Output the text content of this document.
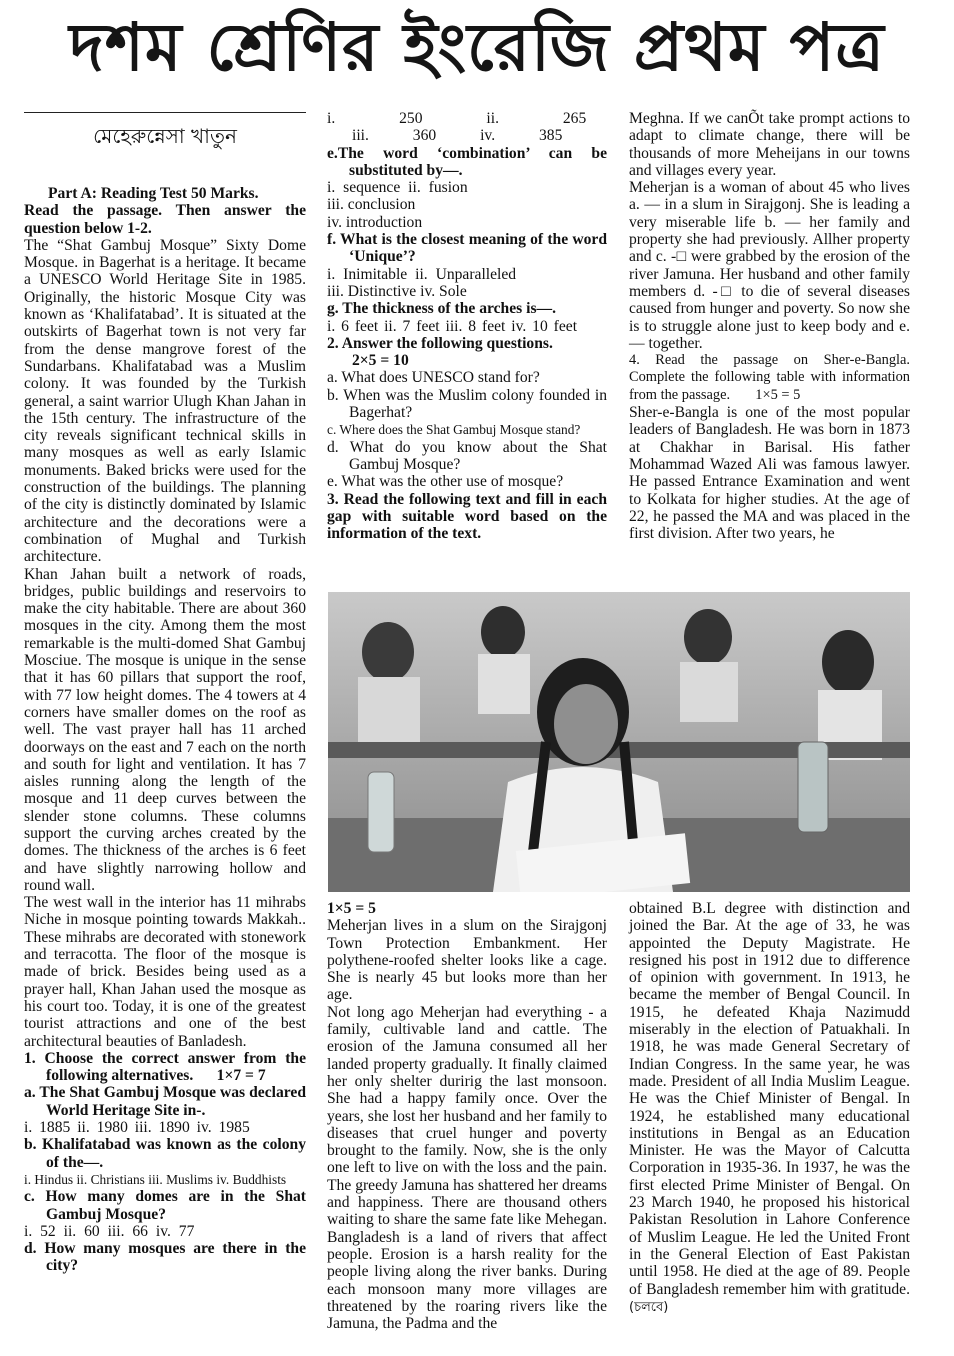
দশম শ্রেণির ইংরেজি প্রথম পত্র
মেহেরুন্নেসা খাতুন

Part A: Reading Test 50 Marks.

Read the passage. Then answer the question below 1-2.

The “Shat Gambuj Mosque” Sixty Dome Mosque. in Bagerhat is a heritage. It became a UNESCO World Heritage Site in 1985. Originally, the historic Mosque City was known as ‘Khalifatabad’. It is situated at the outskirts of Bagerhat town is not very far from the dense mangrove forest of the Sundarbans. Khalifatabad was a Muslim colony. It was founded by the Turkish general, a saint warrior Ulugh Khan Jahan in the 15th century. The infrastructure of the city reveals significant technical skills in many mosques as well as early Islamic monuments. Baked bricks were used for the construction of the buildings. The planning of the city is distinctly dominated by Islamic architecture and the decorations were a combination of Mughal and Turkish architecture.

Khan Jahan built a network of roads, bridges, public buildings and reservoirs to make the city habitable. There are about 360 mosques in the city. Among them the most remarkable is the multi-domed Shat Gambuj Mosciue. The mosque is unique in the sense that it has 60 pillars that support the roof, with 77 low height domes. The 4 towers at 4 corners have smaller domes on the roof as well. The vast prayer hall has 11 arched doorways on the east and 7 each on the north and south for light and ventilation. It has 7 aisles running along the length of the mosque and 11 deep curves between the slender stone columns. These columns support the curving arches created by the domes. The thickness of the arches is 6 feet and have slightly narrowing hollow and round wall.

The west wall in the interior has 11 mihrabs Niche in mosque pointing towards Makkah.. These mihrabs are decorated with stonework and terracotta. The floor of the mosque is made of brick. Besides being used as a prayer hall, Khan Jahan used the mosque as his court too. Today, it is one of the greatest tourist attractions and one of the best architectural beauties of Banladesh.

1. Choose the correct answer from the following alternatives. 1×7 = 7

a. The Shat Gambuj Mosque was declared World Heritage Site in-.

i. 1885 ii. 1980 iii. 1890 iv. 1985

b. Khalifatabad was known as the colony of the—.

i. Hindus ii. Christians iii. Muslims iv. Buddhists

c. How many domes are in the Shat Gambuj Mosque?

i. 52 ii. 60 iii. 66 iv. 77

d. How many mosques are there in the city?

i. 250 ii. 265

iii. 360 iv. 385

e.The word ‘combination’ can be substituted by—.

i. sequence ii. fusion

iii. conclusion

iv. introduction

f. What is the closest meaning of the word ‘Unique’?

i. Inimitable ii. Unparalleled

iii. Distinctive iv. Sole

g. The thickness of the arches is—.

i. 6 feet ii. 7 feet iii. 8 feet iv. 10 feet

2. Answer the following questions.

2×5 = 10

a. What does UNESCO stand for?

b. When was the Muslim colony founded in Bagerhat?

c. Where does the Shat Gambuj Mosque stand?

d. What do you know about the Shat Gambuj Mosque?

e. What was the other use of mosque?

3. Read the following text and fill in each gap with suitable word based on the information of the text.

Meghna. If we canÕt take prompt actions to adapt to climate change, there will be thousands of more Meheijans in our towns and villages every year.

Meherjan is a woman of about 45 who lives a. — in a slum in Sirajgonj. She is leading a very miserable life b. — her family and property she had previously. Allher property and c. -□ were grabbed by the erosion of the river Jamuna. Her husband and other family members d. -□ to die of several diseases caused from hunger and poverty. So now she is to struggle alone just to keep body and e. — together.

4. Read the passage on Sher-e-Bangla. Complete the following table with information from the passage. 1×5 = 5

Sher-e-Bangla is one of the most popular leaders of Bangladesh. He was born in 1873 at Chakhar in Barisal. His father Mohammad Wazed Ali was famous lawyer. He passed Entrance Examination and went to Kolkata for higher studies. At the age of 22, he passed the MA and was placed in the first division. After two years, he

1×5 = 5

Meherjan lives in a slum on the Sirajgonj Town Protection Embankment. Her polythene-roofed shelter looks like a cage. She is nearly 45 but looks more than her age.

Not long ago Meherjan had everything - a family, cultivable land and cattle. The erosion of the Jamuna consumed all her landed property gradually. It finally claimed her only shelter duririg the last monsoon. She had a happy family once. Over the years, she lost her husband and her family to diseases that cruel hunger and poverty brought to the family. Now, she is the only one left to live on with the loss and the pain. The greedy Jamuna has shattered her dreams and happiness. There are thousand others waiting to share the same fate like Mehegan. Bangladesh is a land of rivers that affect people. Erosion is a harsh reality for the people living along the river banks. During each monsoon many more villages are threatened by the roaring rivers like the Jamuna, the Padma and the

obtained B.L degree with distinction and joined the Bar. At the age of 33, he was appointed the Deputy Magistrate. He resigned his post in 1912 due to difference of opinion with government. In 1913, he became the member of Bengal Council. In 1915, he defeated Khaja Nazimudd miserably in the election of Patuakhali. In 1918, he was made General Secretary of Indian Congress. In the same year, he was made. President of all India Muslim League. He was the Chief Minister of Bengal. In 1924, he established many educational institutions in Bengal as an Education Minister. He was the Mayor of Calcutta Corporation in 1935-36. In 1937, he was the first elected Prime Minister of Bengal. On 23 March 1940, he proposed his historical Pakistan Resolution in Lahore Conference of Muslim League. He led the United Front in the General Election of East Pakistan until 1958. He died at the age of 89. People of Bangladesh remember him with gratitude. (চলবে)
